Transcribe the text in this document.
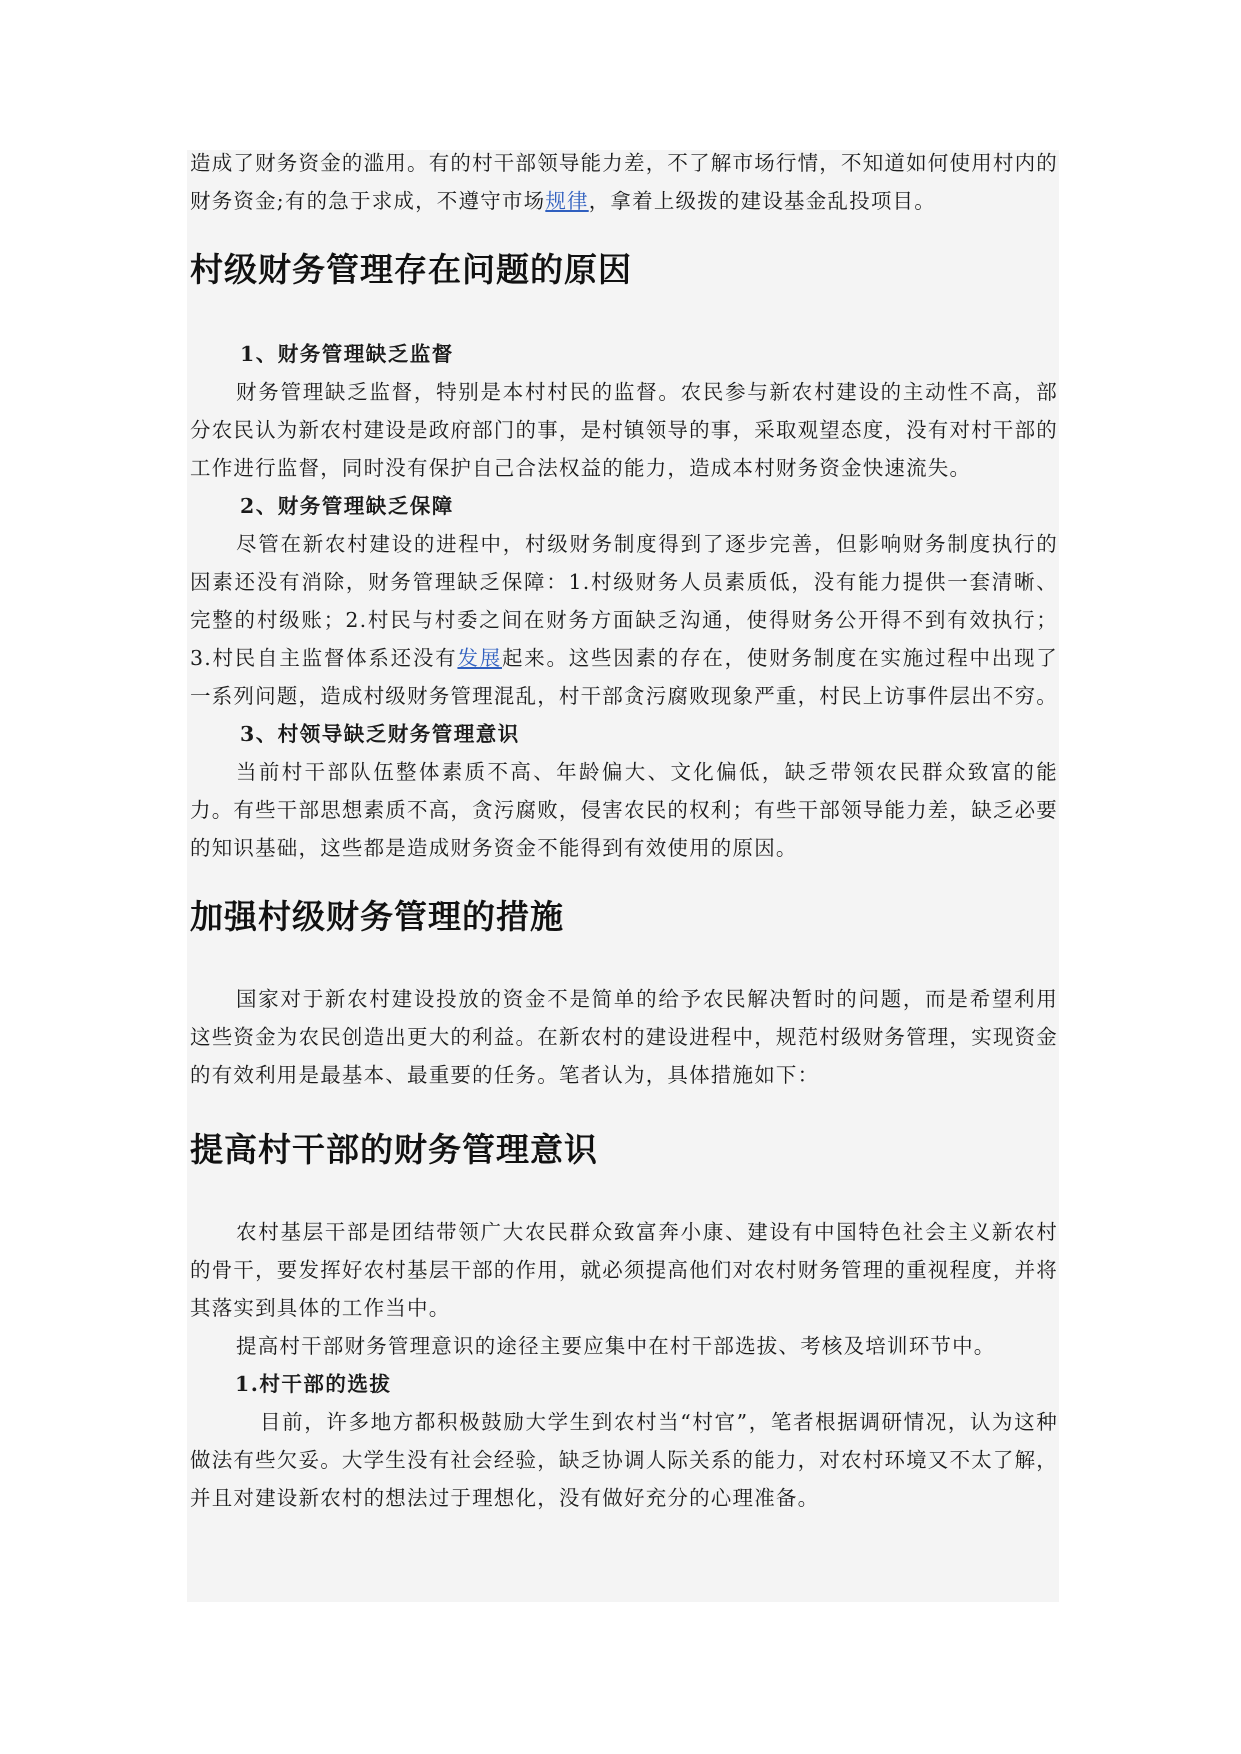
造成了财务资金的滥用。有的村干部领导能力差，不了解市场行情，不知道如何使用村内的财务资金;有的急于求成，不遵守市场规律，拿着上级拨的建设基金乱投项目。

村级财务管理存在问题的原因
1、财务管理缺乏监督

财务管理缺乏监督，特别是本村村民的监督。农民参与新农村建设的主动性不高，部分农民认为新农村建设是政府部门的事，是村镇领导的事，采取观望态度，没有对村干部的工作进行监督，同时没有保护自己合法权益的能力，造成本村财务资金快速流失。

2、财务管理缺乏保障

尽管在新农村建设的进程中，村级财务制度得到了逐步完善，但影响财务制度执行的因素还没有消除，财务管理缺乏保障：1.村级财务人员素质低，没有能力提供一套清晰、完整的村级账；2.村民与村委之间在财务方面缺乏沟通，使得财务公开得不到有效执行；3.村民自主监督体系还没有发展起来。这些因素的存在，使财务制度在实施过程中出现了一系列问题，造成村级财务管理混乱，村干部贪污腐败现象严重，村民上访事件层出不穷。

3、村领导缺乏财务管理意识

当前村干部队伍整体素质不高、年龄偏大、文化偏低，缺乏带领农民群众致富的能力。有些干部思想素质不高，贪污腐败，侵害农民的权利；有些干部领导能力差，缺乏必要的知识基础，这些都是造成财务资金不能得到有效使用的原因。

加强村级财务管理的措施

国家对于新农村建设投放的资金不是简单的给予农民解决暂时的问题，而是希望利用这些资金为农民创造出更大的利益。在新农村的建设进程中，规范村级财务管理，实现资金的有效利用是最基本、最重要的任务。笔者认为，具体措施如下：

提高村干部的财务管理意识

农村基层干部是团结带领广大农民群众致富奔小康、建设有中国特色社会主义新农村的骨干，要发挥好农村基层干部的作用，就必须提高他们对农村财务管理的重视程度，并将其落实到具体的工作当中。

提高村干部财务管理意识的途径主要应集中在村干部选拔、考核及培训环节中。

1.村干部的选拔

目前，许多地方都积极鼓励大学生到农村当“村官”，笔者根据调研情况，认为这种做法有些欠妥。大学生没有社会经验，缺乏协调人际关系的能力，对农村环境又不太了解，并且对建设新农村的想法过于理想化，没有做好充分的心理准备。
